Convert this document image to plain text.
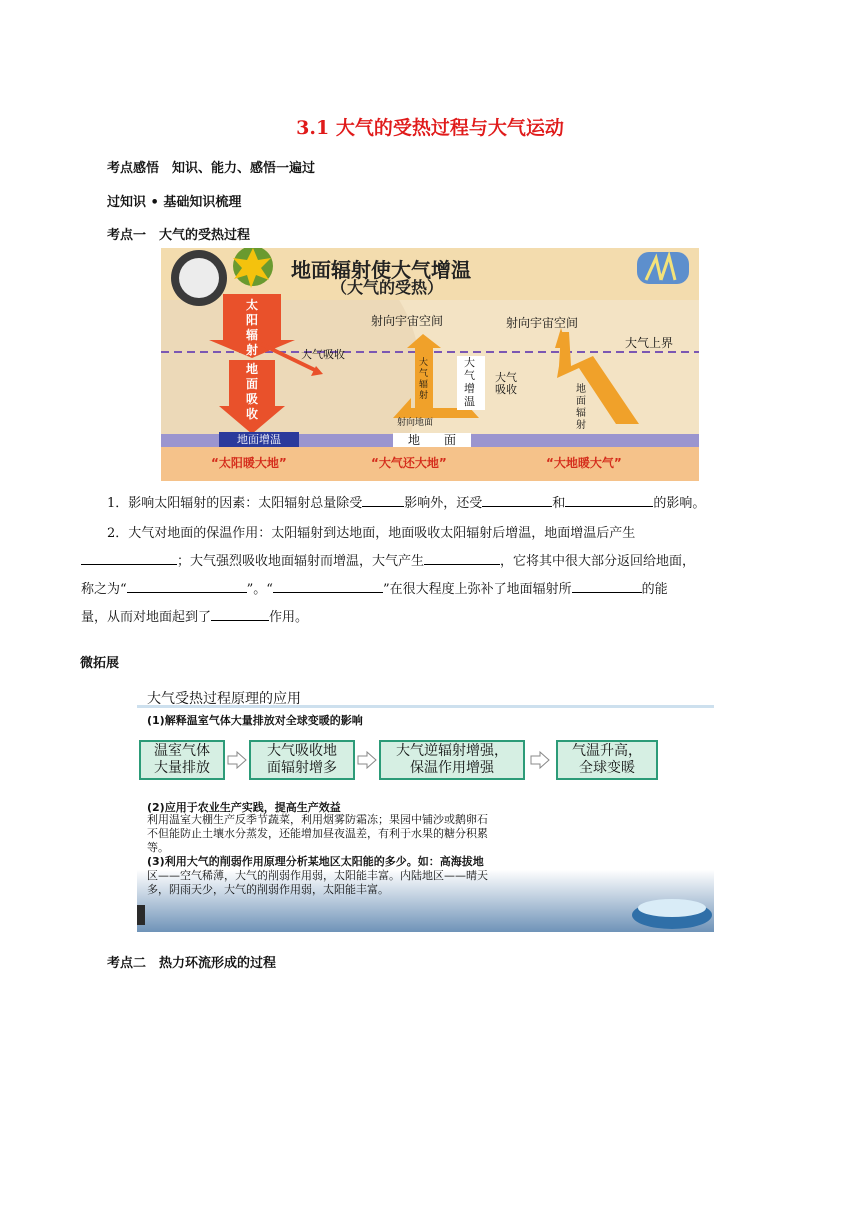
3.1 大气的受热过程与大气运动
考点感悟　知识、能力、感悟一遍过
过知识 • 基础知识梳理
考点一　大气的受热过程
地面辐射使大气增温
（大气的受热）
太
阳
辐
射
地
面
吸
收
大气吸收
射向宇宙空间	射向宇宙空间
大气上界
大
气
辐
射
大
气
增
温
大气
吸收	地
面
辐
射
射向地面
地面增温	地　　面
“太阳暖大地”	“大气还大地”	“大地暖大气”
1．影响太阳辐射的因素：太阳辐射总量除受	影响外，还受	和	的影响。
2．大气对地面的保温作用：太阳辐射到达地面，地面吸收太阳辐射后增温，地面增温后产生
；大气强烈吸收地面辐射而增温，大气产生	，它将其中很大部分返回给地面，
称之为“	”。“	”在很大程度上弥补了地面辐射所	的能
量，从而对地面起到了	作用。
微拓展
大气受热过程原理的应用
(1)解释温室气体大量排放对全球变暖的影响
温室气体
大量排放
大气吸收地
面辐射增多
大气逆辐射增强，
保温作用增强
气温升高，
全球变暖
(2)应用于农业生产实践，提高生产效益
利用温室大棚生产反季节蔬菜，利用烟雾防霜冻；果园中铺沙或鹅卵石
不但能防止土壤水分蒸发，还能增加昼夜温差，有利于水果的糖分积累
等。
(3)利用大气的削弱作用原理分析某地区太阳能的多少。如：高海拔地
区——空气稀薄，大气的削弱作用弱，太阳能丰富。内陆地区——晴天
多，阴雨天少，大气的削弱作用弱，太阳能丰富。
考点二　热力环流形成的过程
